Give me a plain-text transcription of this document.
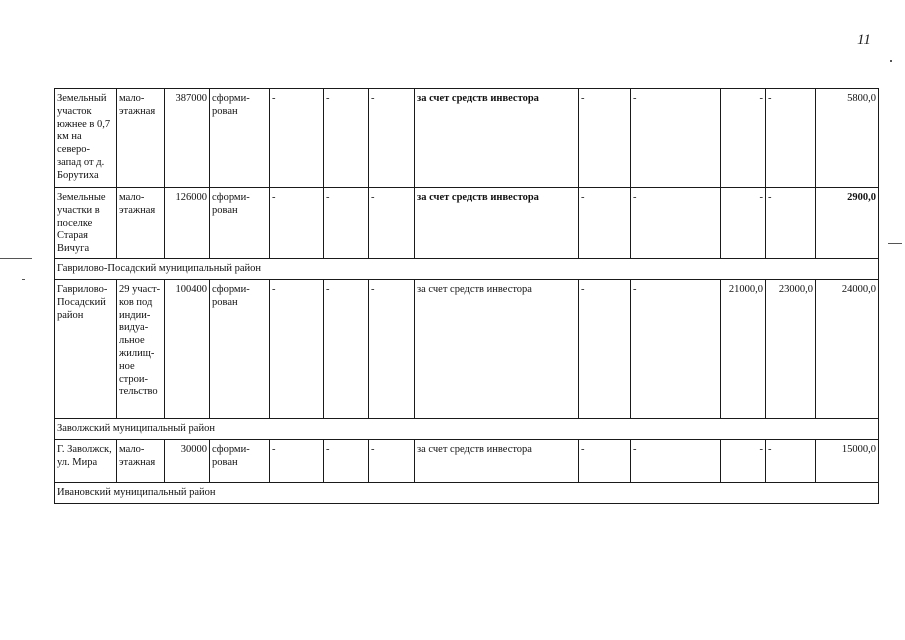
11
Земельный участок южнее в 0,7 км на северо-запад от д. Борутиха	мало-этажная	387000	сформи-рован	-	-	-	за счет средств инвестора	-	-	-	-	5800,0
Земельные участки в поселке Старая Вичуга	мало-этажная	126000	сформи-рован	-	-	-	за счет средств инвестора	-	-	-	-	2900,0
Гаврилово-Посадский муниципальный район												
Гаврилово-Посадский район	29 участ-ков под индии-видуа-льное жилищ-ное строи-тельство	100400	сформи-рован	-	-	-	за счет средств инвестора	-	-	21000,0	23000,0	24000,0
Заволжский муниципальный район												
Г. Заволжск, ул. Мира	мало-этажная	30000	сформи-рован	-	-	-	за счет средств инвестора	-	-	-	-	15000,0
Ивановский муниципальный район												
